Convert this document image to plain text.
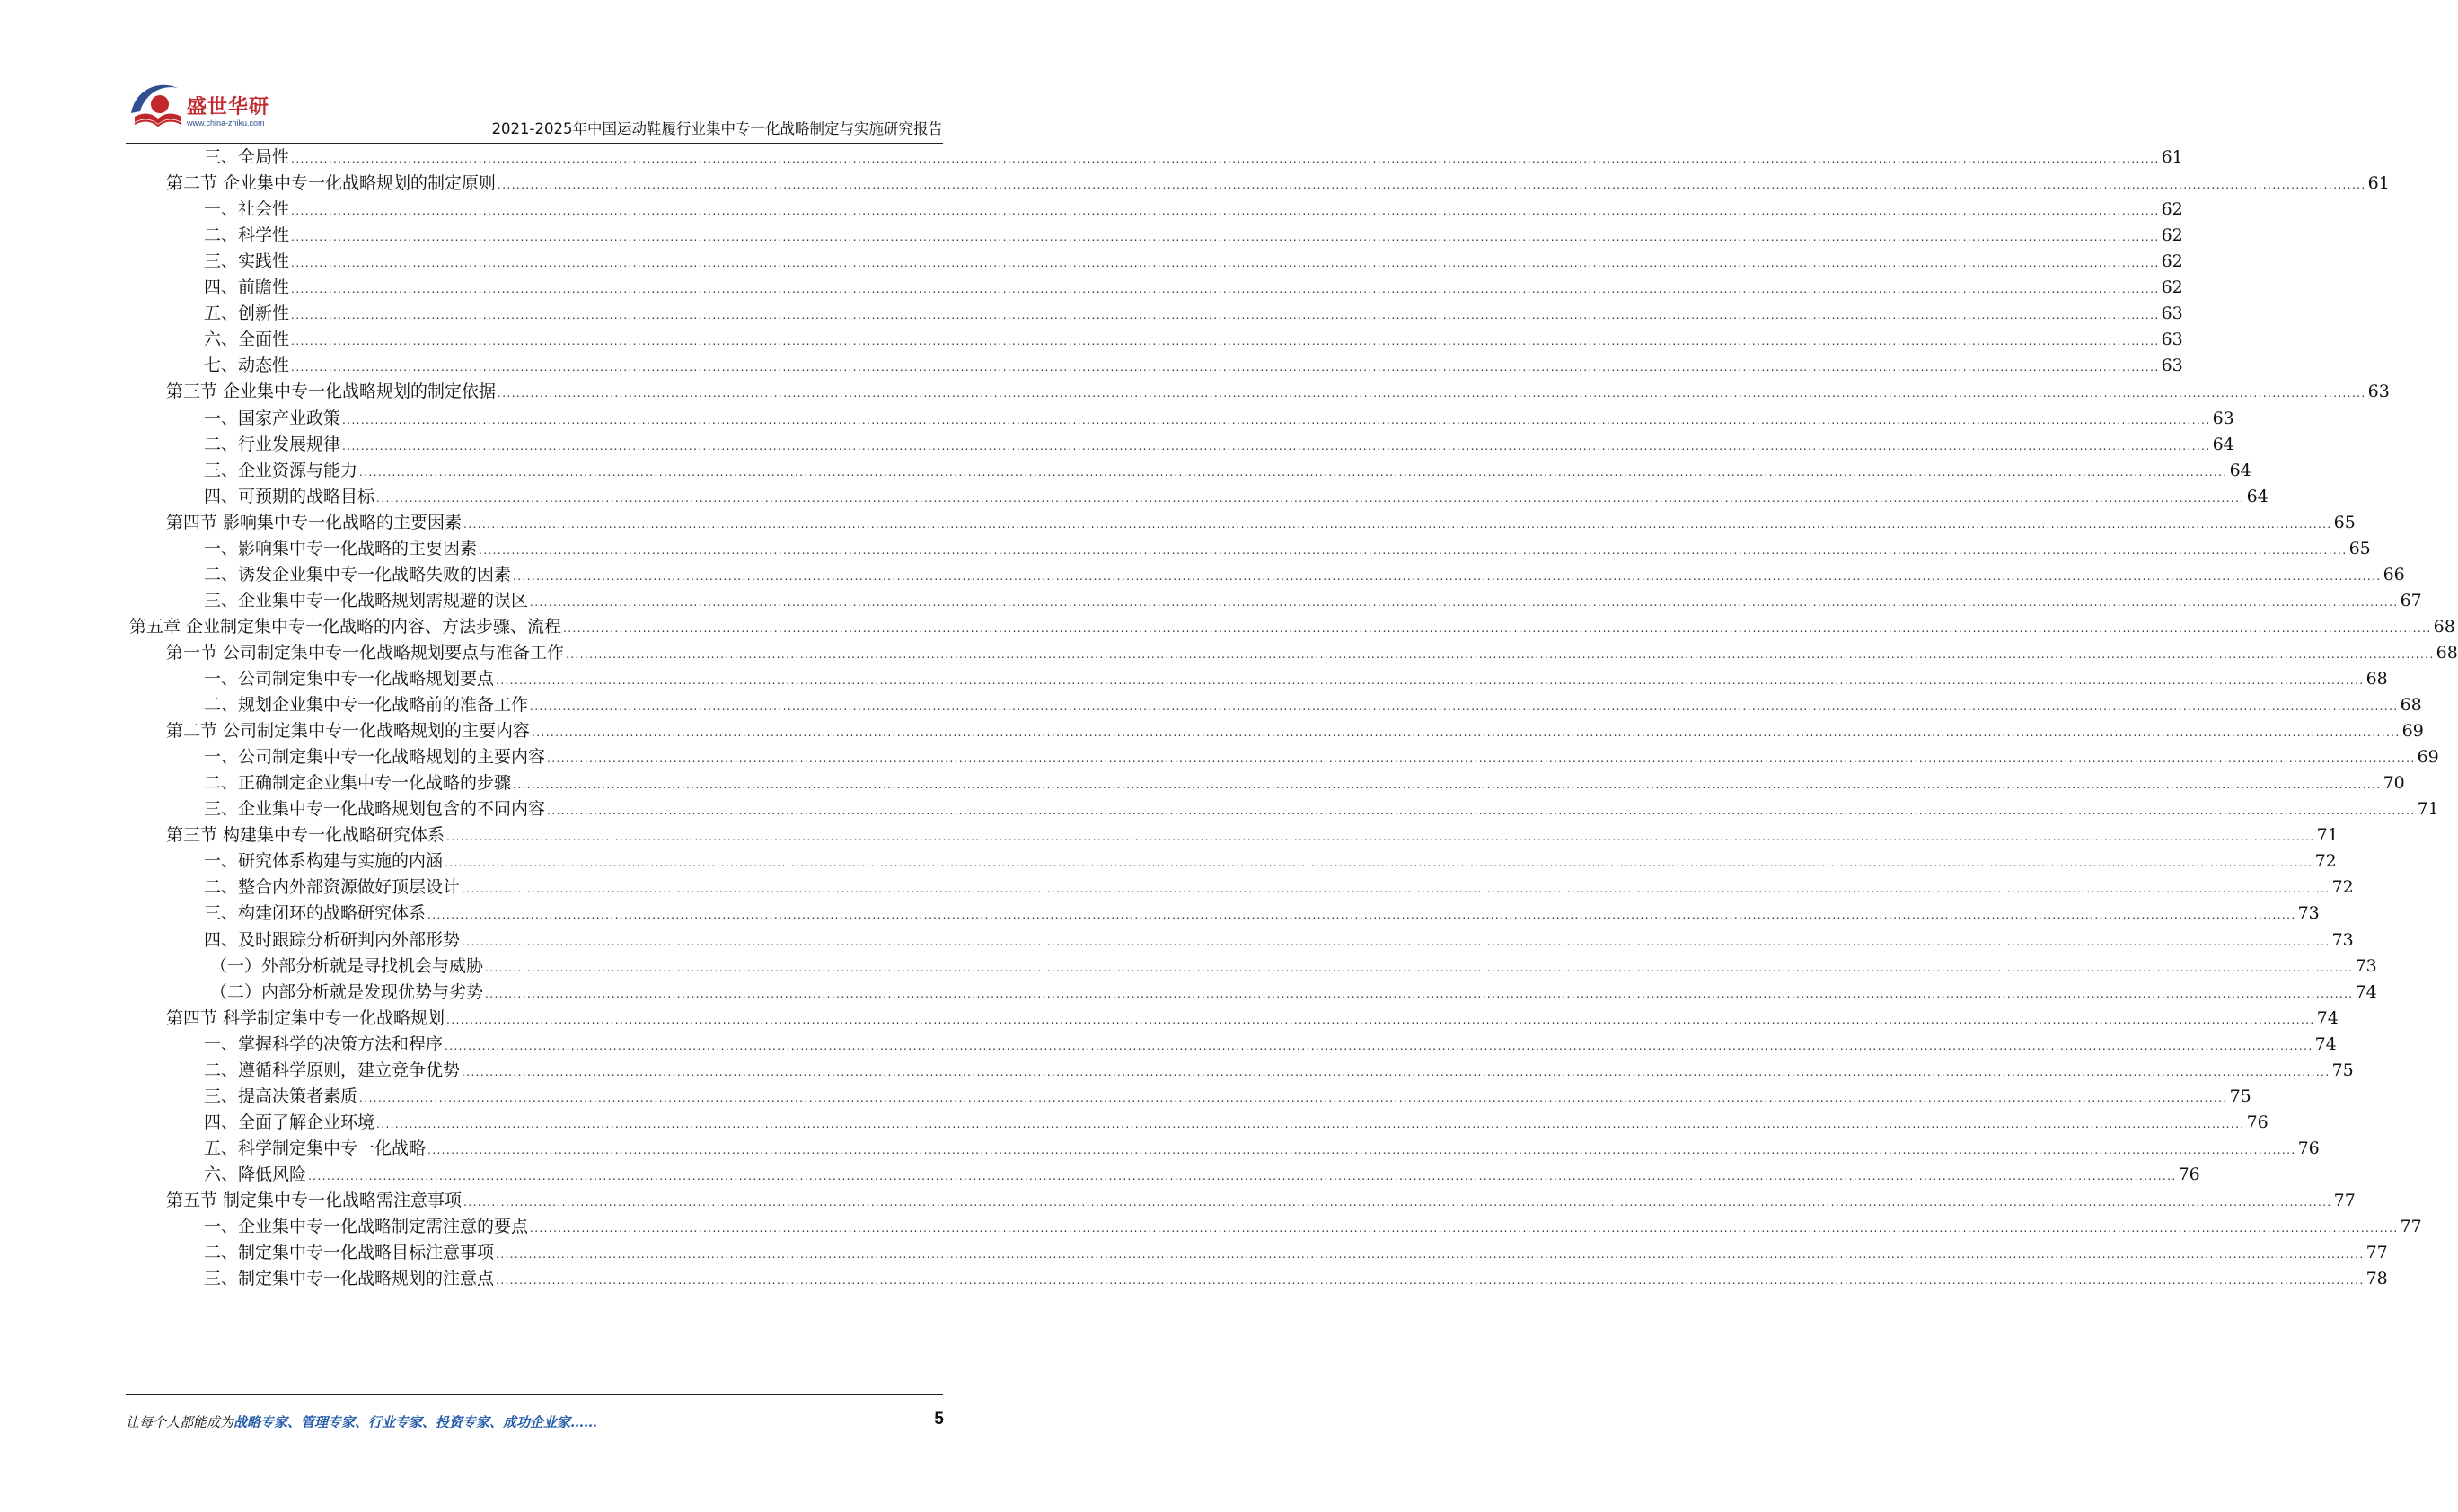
盛世华研
www.china-zhiku.com	2021-2025年中国运动鞋履行业集中专一化战略制定与实施研究报告
三、全局性 ............................................................................................................................................................................................................................................................................................................................................................................................................... 61
第二节 企业集中专一化战略规划的制定原则 ............................................................................................................................................................................................................................................................................................................................................................................................................... 61
一、社会性 ............................................................................................................................................................................................................................................................................................................................................................................................................... 62
二、科学性 ............................................................................................................................................................................................................................................................................................................................................................................................................... 62
三、实践性 ............................................................................................................................................................................................................................................................................................................................................................................................................... 62
四、前瞻性 ............................................................................................................................................................................................................................................................................................................................................................................................................... 62
五、创新性 ............................................................................................................................................................................................................................................................................................................................................................................................................... 63
六、全面性 ............................................................................................................................................................................................................................................................................................................................................................................................................... 63
七、动态性 ............................................................................................................................................................................................................................................................................................................................................................................................................... 63
第三节 企业集中专一化战略规划的制定依据 ............................................................................................................................................................................................................................................................................................................................................................................................................... 63
一、国家产业政策 ............................................................................................................................................................................................................................................................................................................................................................................................................... 63
二、行业发展规律 ............................................................................................................................................................................................................................................................................................................................................................................................................... 64
三、企业资源与能力 ............................................................................................................................................................................................................................................................................................................................................................................................................... 64
四、可预期的战略目标 ............................................................................................................................................................................................................................................................................................................................................................................................................... 64
第四节 影响集中专一化战略的主要因素 ............................................................................................................................................................................................................................................................................................................................................................................................................... 65
一、影响集中专一化战略的主要因素 ............................................................................................................................................................................................................................................................................................................................................................................................................... 65
二、诱发企业集中专一化战略失败的因素 ............................................................................................................................................................................................................................................................................................................................................................................................................... 66
三、企业集中专一化战略规划需规避的误区 ............................................................................................................................................................................................................................................................................................................................................................................................................... 67
第五章 企业制定集中专一化战略的内容、方法步骤、流程 ............................................................................................................................................................................................................................................................................................................................................................................................................... 68
第一节 公司制定集中专一化战略规划要点与准备工作 ............................................................................................................................................................................................................................................................................................................................................................................................................... 68
一、公司制定集中专一化战略规划要点 ............................................................................................................................................................................................................................................................................................................................................................................................................... 68
二、规划企业集中专一化战略前的准备工作 ............................................................................................................................................................................................................................................................................................................................................................................................................... 68
第二节 公司制定集中专一化战略规划的主要内容 ............................................................................................................................................................................................................................................................................................................................................................................................................... 69
一、公司制定集中专一化战略规划的主要内容 ............................................................................................................................................................................................................................................................................................................................................................................................................... 69
二、正确制定企业集中专一化战略的步骤 ............................................................................................................................................................................................................................................................................................................................................................................................................... 70
三、企业集中专一化战略规划包含的不同内容 ............................................................................................................................................................................................................................................................................................................................................................................................................... 71
第三节 构建集中专一化战略研究体系 ............................................................................................................................................................................................................................................................................................................................................................................................................... 71
一、研究体系构建与实施的内涵 ............................................................................................................................................................................................................................................................................................................................................................................................................... 72
二、整合内外部资源做好顶层设计 ............................................................................................................................................................................................................................................................................................................................................................................................................... 72
三、构建闭环的战略研究体系 ............................................................................................................................................................................................................................................................................................................................................................................................................... 73
四、及时跟踪分析研判内外部形势 ............................................................................................................................................................................................................................................................................................................................................................................................................... 73
（一）外部分析就是寻找机会与威胁 ............................................................................................................................................................................................................................................................................................................................................................................................................... 73
（二）内部分析就是发现优势与劣势 ............................................................................................................................................................................................................................................................................................................................................................................................................... 74
第四节 科学制定集中专一化战略规划 ............................................................................................................................................................................................................................................................................................................................................................................................................... 74
一、掌握科学的决策方法和程序 ............................................................................................................................................................................................................................................................................................................................................................................................................... 74
二、遵循科学原则，建立竞争优势 ............................................................................................................................................................................................................................................................................................................................................................................................................... 75
三、提高决策者素质 ............................................................................................................................................................................................................................................................................................................................................................................................................... 75
四、全面了解企业环境 ............................................................................................................................................................................................................................................................................................................................................................................................................... 76
五、科学制定集中专一化战略 ............................................................................................................................................................................................................................................................................................................................................................................................................... 76
六、降低风险 ............................................................................................................................................................................................................................................................................................................................................................................................................... 76
第五节 制定集中专一化战略需注意事项 ............................................................................................................................................................................................................................................................................................................................................................................................................... 77
一、企业集中专一化战略制定需注意的要点 ............................................................................................................................................................................................................................................................................................................................................................................................................... 77
二、制定集中专一化战略目标注意事项 ............................................................................................................................................................................................................................................................................................................................................................................................................... 77
三、制定集中专一化战略规划的注意点 ............................................................................................................................................................................................................................................................................................................................................................................................................... 78
让每个人都能成为战略专家、管理专家、行业专家、投资专家、成功企业家……	5
